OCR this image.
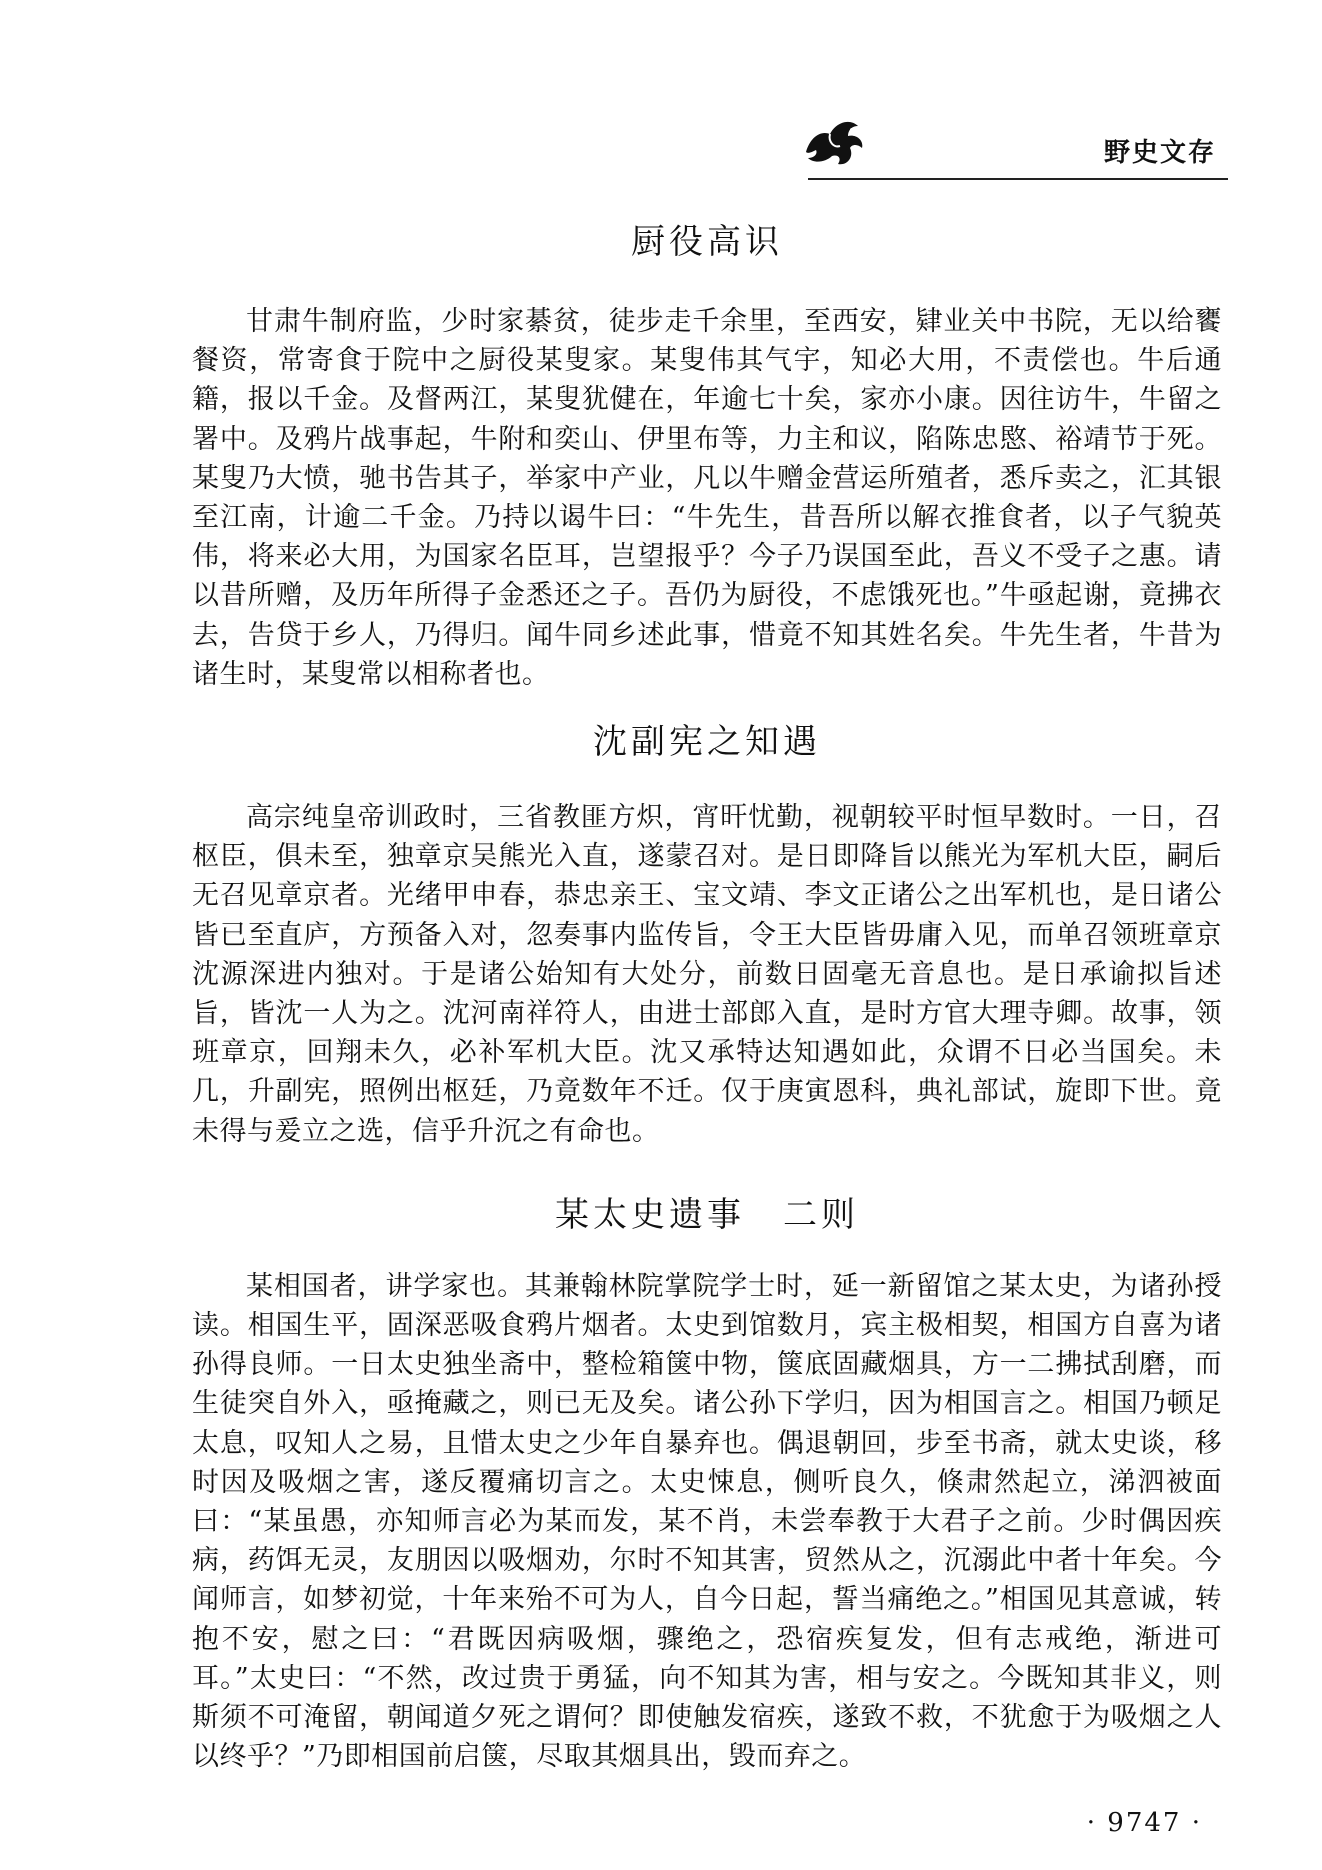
野史文存
厨役高识

甘肃牛制府监，少时家綦贫，徒步走千余里，至西安，肄业关中书院，无以给饔餐资，常寄食于院中之厨役某叟家。某叟伟其气宇，知必大用，不责偿也。牛后通籍，报以千金。及督两江，某叟犹健在，年逾七十矣，家亦小康。因往访牛，牛留之署中。及鸦片战事起，牛附和奕山、伊里布等，力主和议，陷陈忠愍、裕靖节于死。某叟乃大愤，驰书告其子，举家中产业，凡以牛赠金营运所殖者，悉斥卖之，汇其银至江南，计逾二千金。乃持以谒牛曰：“牛先生，昔吾所以解衣推食者，以子气貌英伟，将来必大用，为国家名臣耳，岂望报乎？今子乃误国至此，吾义不受子之惠。请以昔所赠，及历年所得子金悉还之子。吾仍为厨役，不虑饿死也。”牛亟起谢，竟拂衣去，告贷于乡人，乃得归。闻牛同乡述此事，惜竟不知其姓名矣。牛先生者，牛昔为诸生时，某叟常以相称者也。

沈副宪之知遇

高宗纯皇帝训政时，三省教匪方炽，宵旰忧勤，视朝较平时恒早数时。一日，召枢臣，俱未至，独章京吴熊光入直，遂蒙召对。是日即降旨以熊光为军机大臣，嗣后无召见章京者。光绪甲申春，恭忠亲王、宝文靖、李文正诸公之出军机也，是日诸公皆已至直庐，方预备入对，忽奏事内监传旨，令王大臣皆毋庸入见，而单召领班章京沈源深进内独对。于是诸公始知有大处分，前数日固毫无音息也。是日承谕拟旨述旨，皆沈一人为之。沈河南祥符人，由进士部郎入直，是时方官大理寺卿。故事，领班章京，回翔未久，必补军机大臣。沈又承特达知遇如此，众谓不日必当国矣。未几，升副宪，照例出枢廷，乃竟数年不迁。仅于庚寅恩科，典礼部试，旋即下世。竟未得与爰立之选，信乎升沉之有命也。

某太史遗事　二则

某相国者，讲学家也。其兼翰林院掌院学士时，延一新留馆之某太史，为诸孙授读。相国生平，固深恶吸食鸦片烟者。太史到馆数月，宾主极相契，相国方自喜为诸孙得良师。一日太史独坐斋中，整检箱箧中物，箧底固藏烟具，方一二拂拭刮磨，而生徒突自外入，亟掩藏之，则已无及矣。诸公孙下学归，因为相国言之。相国乃顿足太息，叹知人之易，且惜太史之少年自暴弃也。偶退朝回，步至书斋，就太史谈，移时因及吸烟之害，遂反覆痛切言之。太史悚息，侧听良久，倏肃然起立，涕泗被面曰：“某虽愚，亦知师言必为某而发，某不肖，未尝奉教于大君子之前。少时偶因疾病，药饵无灵，友朋因以吸烟劝，尔时不知其害，贸然从之，沉溺此中者十年矣。今闻师言，如梦初觉，十年来殆不可为人，自今日起，誓当痛绝之。”相国见其意诚，转抱不安，慰之曰：“君既因病吸烟，骤绝之，恐宿疾复发，但有志戒绝，渐进可耳。”太史曰：“不然，改过贵于勇猛，向不知其为害，相与安之。今既知其非义，则斯须不可淹留，朝闻道夕死之谓何？即使触发宿疾，遂致不救，不犹愈于为吸烟之人以终乎？”乃即相国前启箧，尽取其烟具出，毁而弃之。

· 9747 ·
